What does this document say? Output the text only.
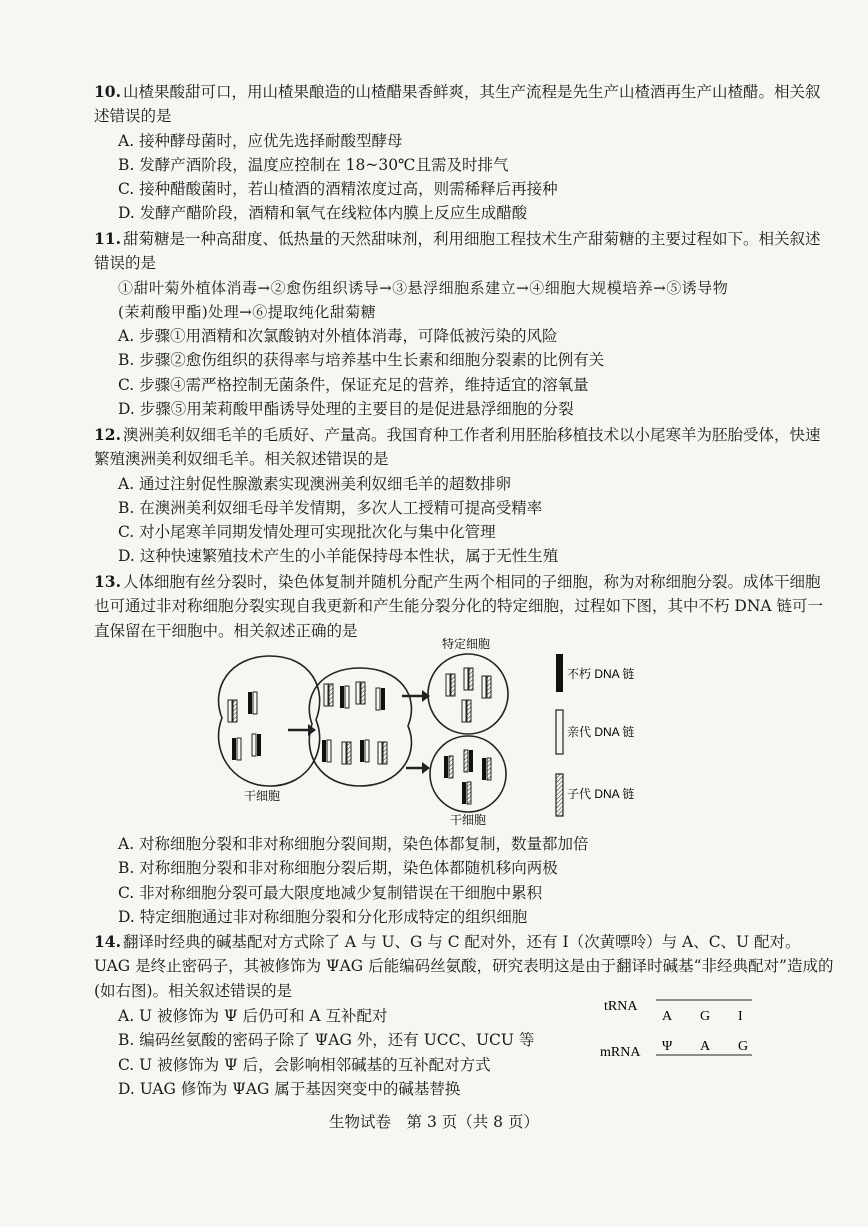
10. 山楂果酸甜可口，用山楂果酿造的山楂醋果香鲜爽，其生产流程是先生产山楂酒再生产山楂醋。相关叙述错误的是

A. 接种酵母菌时，应优先选择耐酸型酵母

B. 发酵产酒阶段，温度应控制在 18~30℃且需及时排气

C. 接种醋酸菌时，若山楂酒的酒精浓度过高，则需稀释后再接种

D. 发酵产醋阶段，酒精和氧气在线粒体内膜上反应生成醋酸

11. 甜菊糖是一种高甜度、低热量的天然甜味剂，利用细胞工程技术生产甜菊糖的主要过程如下。相关叙述错误的是

①甜叶菊外植体消毒→②愈伤组织诱导→③悬浮细胞系建立→④细胞大规模培养→⑤诱导物

(茉莉酸甲酯)处理→⑥提取纯化甜菊糖

A. 步骤①用酒精和次氯酸钠对外植体消毒，可降低被污染的风险

B. 步骤②愈伤组织的获得率与培养基中生长素和细胞分裂素的比例有关

C. 步骤④需严格控制无菌条件，保证充足的营养，维持适宜的溶氧量

D. 步骤⑤用茉莉酸甲酯诱导处理的主要目的是促进悬浮细胞的分裂

12. 澳洲美利奴细毛羊的毛质好、产量高。我国育种工作者利用胚胎移植技术以小尾寒羊为胚胎受体，快速繁殖澳洲美利奴细毛羊。相关叙述错误的是

A. 通过注射促性腺激素实现澳洲美利奴细毛羊的超数排卵

B. 在澳洲美利奴细毛母羊发情期，多次人工授精可提高受精率

C. 对小尾寒羊同期发情处理可实现批次化与集中化管理

D. 这种快速繁殖技术产生的小羊能保持母本性状，属于无性生殖

13. 人体细胞有丝分裂时，染色体复制并随机分配产生两个相同的子细胞，称为对称细胞分裂。成体干细胞也可通过非对称细胞分裂实现自我更新和产生能分裂分化的特定细胞，过程如下图，其中不朽 DNA 链可一直保留在干细胞中。相关叙述正确的是

干细胞
特定细胞
干细胞
不朽 DNA 链
亲代 DNA 链
子代 DNA 链

A. 对称细胞分裂和非对称细胞分裂间期，染色体都复制，数量都加倍

B. 对称细胞分裂和非对称细胞分裂后期，染色体都随机移向两极

C. 非对称细胞分裂可最大限度地减少复制错误在干细胞中累积

D. 特定细胞通过非对称细胞分裂和分化形成特定的组织细胞

14. 翻译时经典的碱基配对方式除了 A 与 U、G 与 C 配对外，还有 I（次黄嘌呤）与 A、C、U 配对。UAG 是终止密码子，其被修饰为 ΨAG 后能编码丝氨酸，研究表明这是由于翻译时碱基“非经典配对”造成的(如右图)。相关叙述错误的是

A. U 被修饰为 Ψ 后仍可和 A 互补配对

B. 编码丝氨酸的密码子除了 ΨAG 外，还有 UCC、UCU 等

C. U 被修饰为 Ψ 后，会影响相邻碱基的互补配对方式

D. UAG 修饰为 ΨAG 属于基因突变中的碱基替换

tRNA
A G I
mRNA Ψ A G
生物试卷　第 3 页（共 8 页）
